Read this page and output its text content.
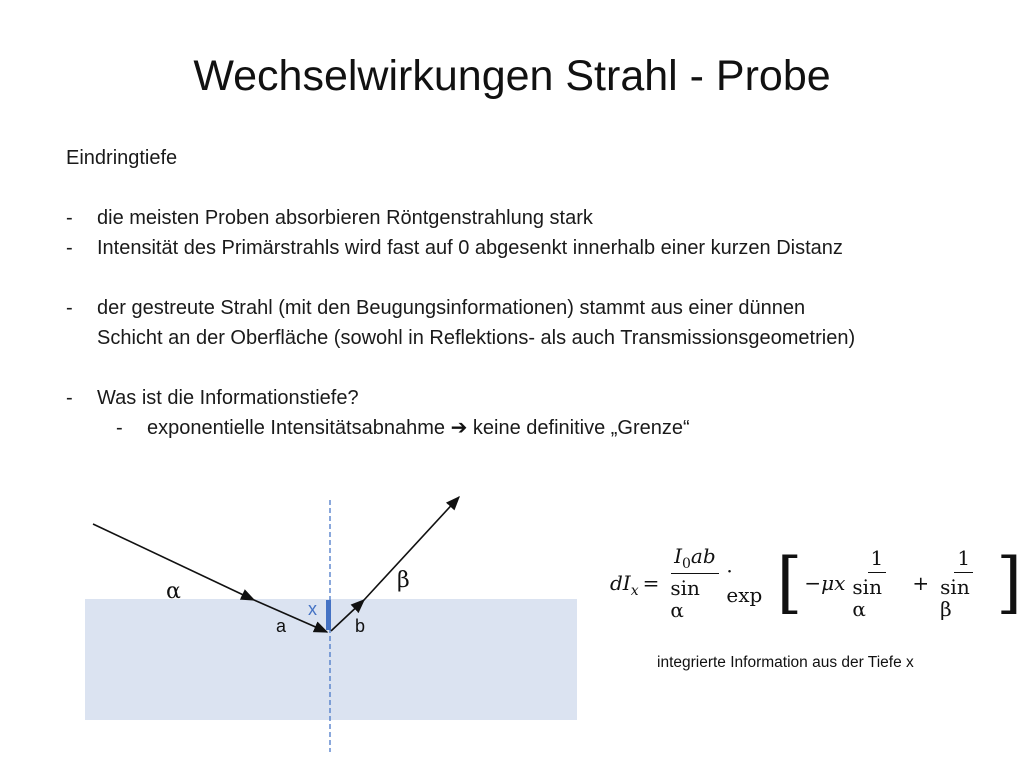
Wechselwirkungen Strahl - Probe
Eindringtiefe
- die meisten Proben absorbieren Röntgenstrahlung stark
- Intensität des Primärstrahls wird fast auf 0 abgesenkt innerhalb einer kurzen Distanz
- der gestreute Strahl (mit den Beugungsinformationen) stammt aus einer dünnen
Schicht an der Oberfläche (sowohl in Reflektions- als auch Transmissionsgeometrien)
- Was ist die Informationstiefe?
- exponentielle Intensitätsabnahme ➔ keine definitive „Grenze“
α	β
x
a	b
$dI_x = \frac{I_0ab}{\text{sin α}} \cdot \exp$ [ $-\mu x \frac{1}{\text{sin α}} + \frac{1}{\text{sin β}}$ ]
integrierte Information aus der Tiefe x
